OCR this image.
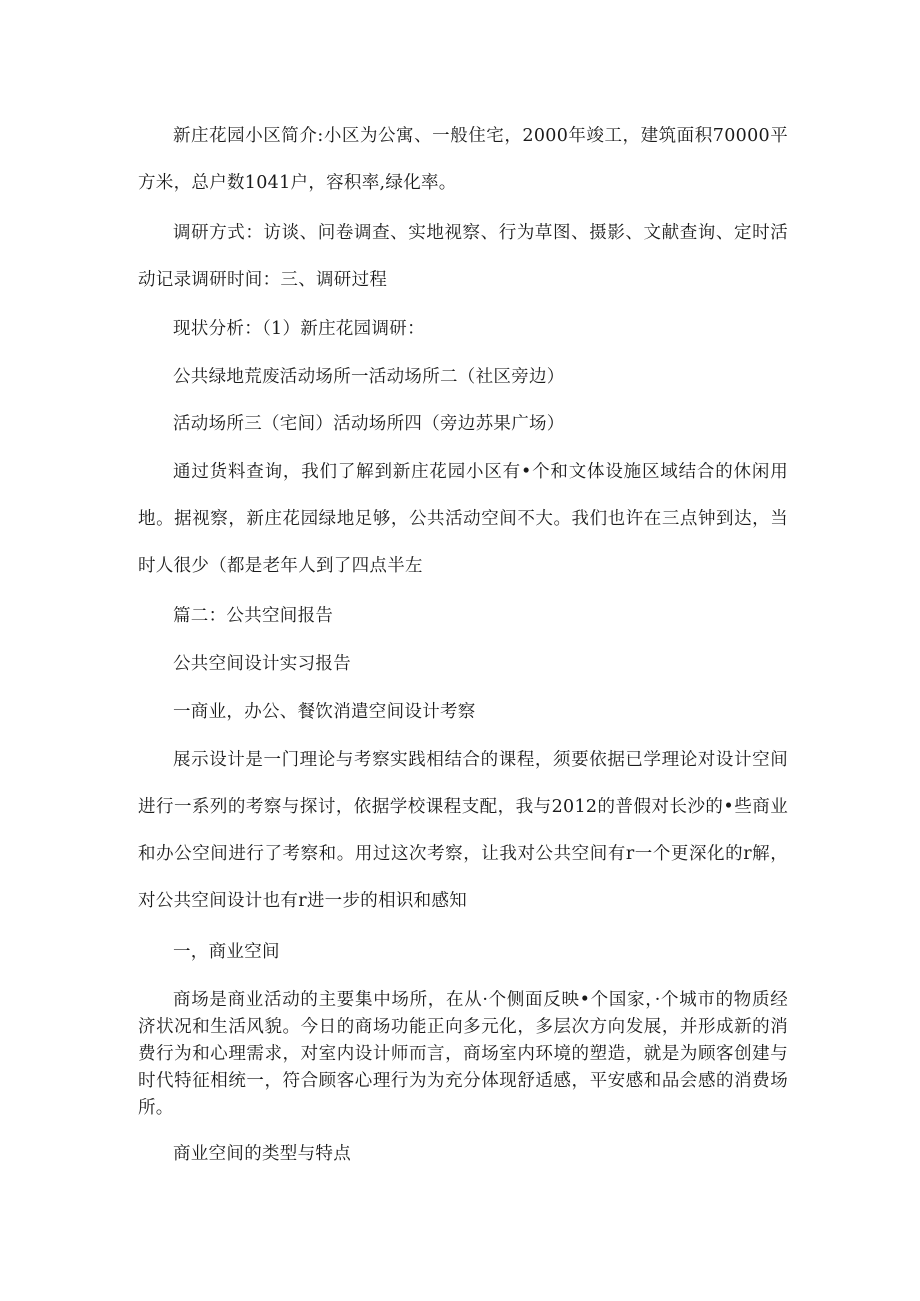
新庄花园小区简介:小区为公寓、一般住宅，2000年竣工，建筑面积70000平方米，总户数1041户，容积率,绿化率。

调研方式：访谈、问卷调查、实地视察、行为草图、摄影、文献查询、定时活动记录调研时间：三、调研过程

现状分析：（1）新庄花园调研：

公共绿地荒废活动场所一活动场所二（社区旁边）

活动场所三（宅间）活动场所四（旁边苏果广场）

通过货料查询，我们了解到新庄花园小区有•个和文体设施区域结合的休闲用地。据视察，新庄花园绿地足够，公共活动空间不大。我们也许在三点钟到达，当时人很少（都是老年人到了四点半左

篇二：公共空间报告

公共空间设计实习报告

一商业，办公、餐饮消遣空间设计考察

展示设计是一门理论与考察实践相结合的课程，须要依据已学理论对设计空间进行一系列的考察与探讨，依据学校课程支配，我与2012的普假对长沙的•些商业和办公空间进行了考察和。用过这次考察，让我对公共空间有r一个更深化的r解，对公共空间设计也有r进一步的相识和感知

一，商业空间

商场是商业活动的主要集中场所，在从·个侧面反映•个国家，·个城市的物质经济状况和生活风貌。今日的商场功能正向多元化，多层次方向发展，并形成新的消费行为和心理需求，对室内设计师而言，商场室内环境的塑造，就是为顾客创建与时代特征相统一，符合顾客心理行为为充分体现舒适感，平安感和品会感的消费场所。

商业空间的类型与特点
